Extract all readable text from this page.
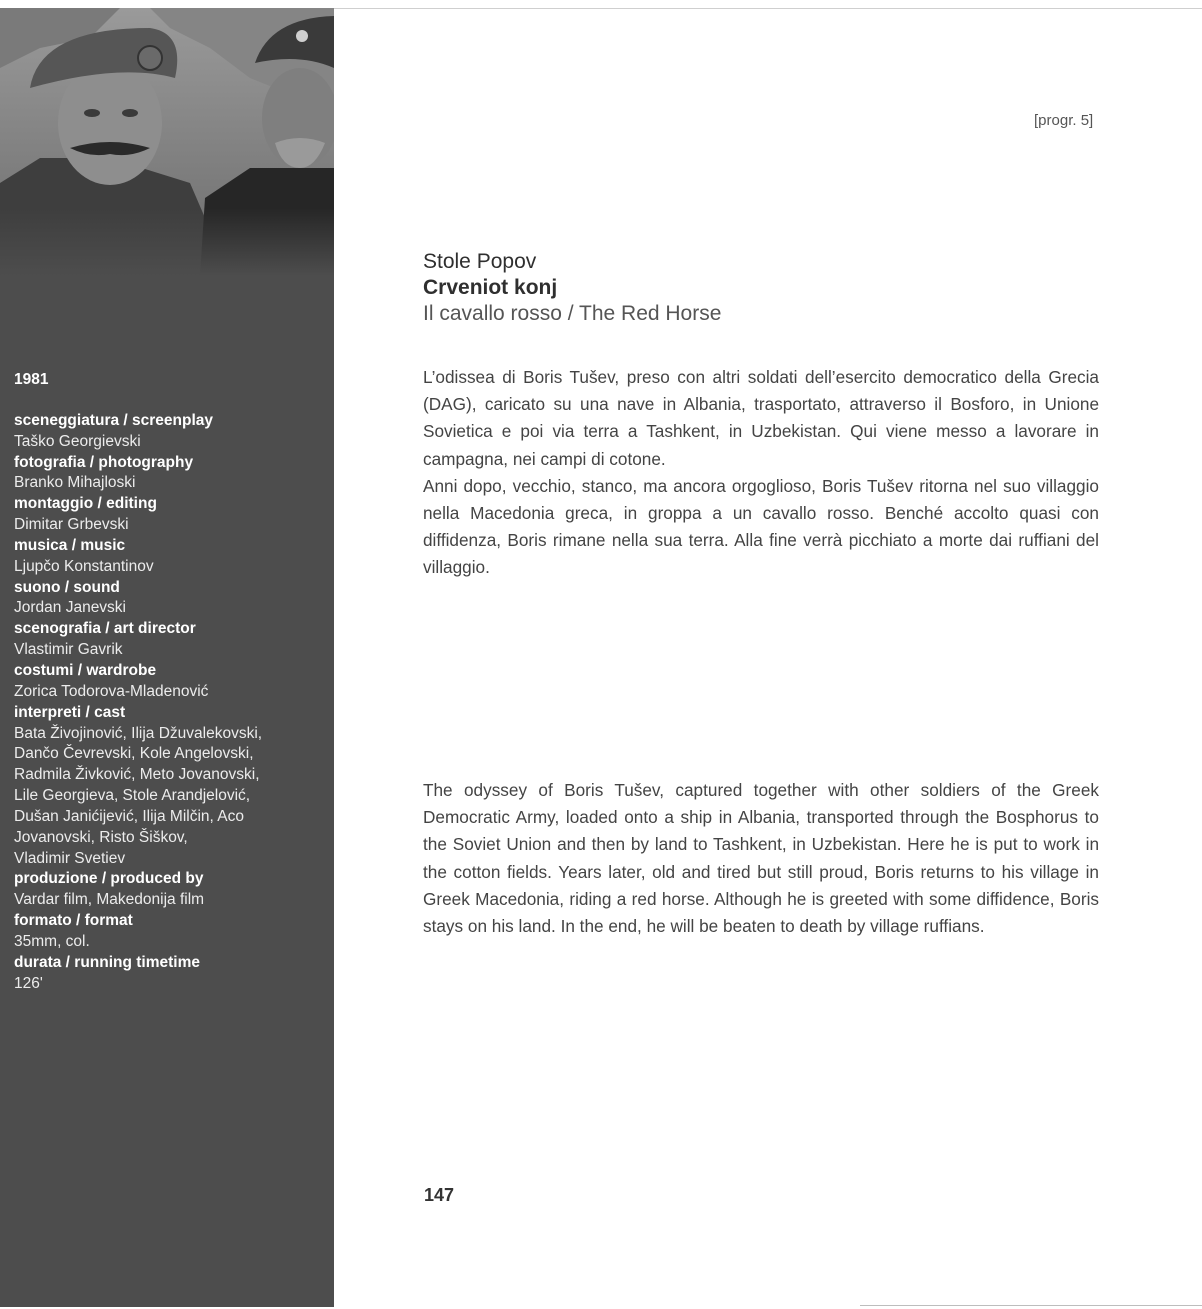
1981
sceneggiatura / screenplay
Taško Georgievski
fotografia / photography
Branko Mihajloski
montaggio / editing
Dimitar Grbevski
musica / music
Ljupčo Konstantinov
suono / sound
Jordan Janevski
scenografia / art director
Vlastimir Gavrik
costumi / wardrobe
Zorica Todorova-Mladenović
interpreti / cast
Bata Živojinović, Ilija Džuvalekovski,
Dančo Čevrevski, Kole Angelovski,
Radmila Živković, Meto Jovanovski,
Lile Georgieva, Stole Arandjelović,
Dušan Janićijević, Ilija Milčin, Aco
Jovanovski, Risto Šiškov,
Vladimir Svetiev
produzione / produced by
Vardar film, Makedonija film
formato / format
35mm, col.
durata / running timetime
126'
[progr. 5]
Stole Popov
Crveniot konj
Il cavallo rosso / The Red Horse

L’odissea di Boris Tušev, preso con altri soldati dell’esercito democratico della Grecia (DAG), caricato su una nave in Albania, trasportato, attraverso il Bosforo, in Unione Sovietica e poi via terra a Tashkent, in Uzbekistan. Qui viene messo a lavorare in campagna, nei campi di cotone.

Anni dopo, vecchio, stanco, ma ancora orgoglioso, Boris Tušev ritorna nel suo villaggio nella Macedonia greca, in groppa a un cavallo rosso. Benché accolto quasi con diffidenza, Boris rimane nella sua terra. Alla fine verrà picchiato a morte dai ruffiani del villaggio.

The odyssey of Boris Tušev, captured together with other soldiers of the Greek Democratic Army, loaded onto a ship in Albania, transported through the Bosphorus to the Soviet Union and then by land to Tashkent, in Uzbekistan. Here he is put to work in the cotton fields. Years later, old and tired but still proud, Boris returns to his village in Greek Macedonia, riding a red horse. Although he is greeted with some diffidence, Boris stays on his land. In the end, he will be beaten to death by village ruffians.

147
